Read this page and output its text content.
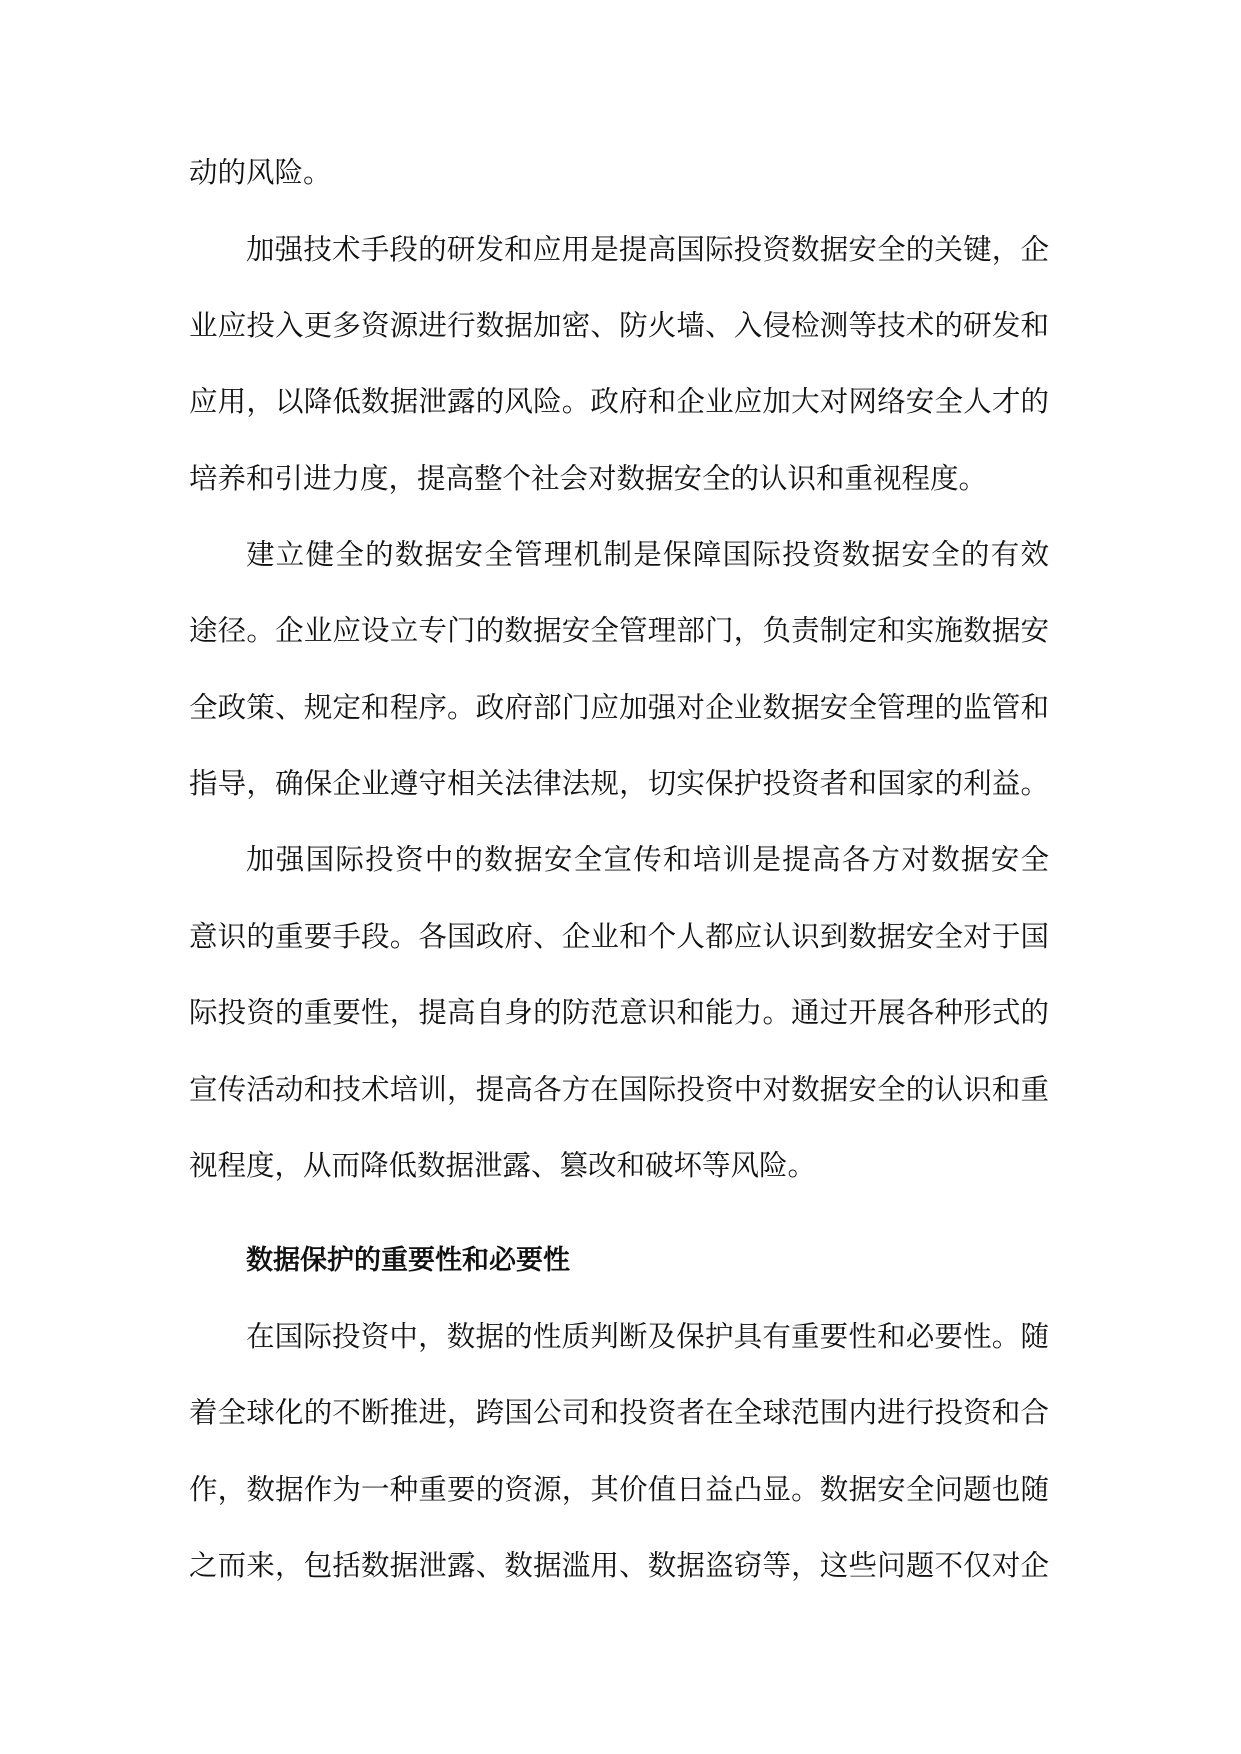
动的风险。
加强技术手段的研发和应用是提高国际投资数据安全的关键，企
业应投入更多资源进行数据加密、防火墙、入侵检测等技术的研发和
应用，以降低数据泄露的风险。政府和企业应加大对网络安全人才的
培养和引进力度，提高整个社会对数据安全的认识和重视程度。
建立健全的数据安全管理机制是保障国际投资数据安全的有效
途径。企业应设立专门的数据安全管理部门，负责制定和实施数据安
全政策、规定和程序。政府部门应加强对企业数据安全管理的监管和
指导，确保企业遵守相关法律法规，切实保护投资者和国家的利益。
加强国际投资中的数据安全宣传和培训是提高各方对数据安全
意识的重要手段。各国政府、企业和个人都应认识到数据安全对于国
际投资的重要性，提高自身的防范意识和能力。通过开展各种形式的
宣传活动和技术培训，提高各方在国际投资中对数据安全的认识和重
视程度，从而降低数据泄露、篡改和破坏等风险。
数据保护的重要性和必要性
在国际投资中，数据的性质判断及保护具有重要性和必要性。随
着全球化的不断推进，跨国公司和投资者在全球范围内进行投资和合
作，数据作为一种重要的资源，其价值日益凸显。数据安全问题也随
之而来，包括数据泄露、数据滥用、数据盗窃等，这些问题不仅对企
